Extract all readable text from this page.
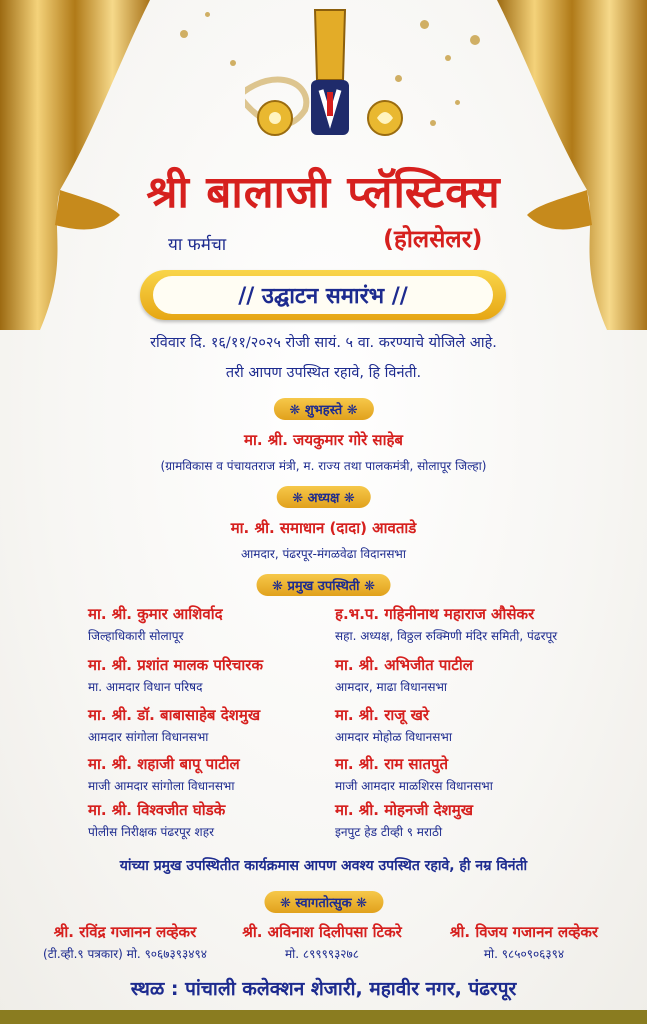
श्री बालाजी प्लॅस्टिक्स
या फर्मचा	(होलसेलर)
// उद्घाटन समारंभ //
रविवार दि. १६/११/२०२५ रोजी सायं. ५ वा. करण्याचे योजिले आहे.
तरी आपण उपस्थित रहावे, हि विनंती.
❋ शुभहस्ते ❋
मा. श्री. जयकुमार गोरे साहेब
(ग्रामविकास व पंचायतराज मंत्री, म. राज्य तथा पालकमंत्री, सोलापूर जिल्हा)
❋ अध्यक्ष ❋
मा. श्री. समाधान (दादा) आवताडे
आमदार, पंढरपूर-मंगळवेढा विदानसभा
❋ प्रमुख उपस्थिती ❋
मा. श्री. कुमार आशिर्वाद
जिल्हाधिकारी सोलापूर
मा. श्री. प्रशांत मालक परिचारक
मा. आमदार विधान परिषद
मा. श्री. डॉ. बाबासाहेब देशमुख
आमदार सांगोला विधानसभा
मा. श्री. शहाजी बापू पाटील
माजी आमदार सांगोला विधानसभा
मा. श्री. विश्वजीत घोडके
पोलीस निरीक्षक पंढरपूर शहर
ह.भ.प. गहिनीनाथ महाराज औसेकर
सहा. अध्यक्ष, विठ्ठल रुक्मिणी मंदिर समिती, पंढरपूर
मा. श्री. अभिजीत पाटील
आमदार, माढा विधानसभा
मा. श्री. राजू खरे
आमदार मोहोळ विधानसभा
मा. श्री. राम सातपुते
माजी आमदार माळशिरस विधानसभा
मा. श्री. मोहनजी देशमुख
इनपुट हेड टीव्ही ९ मराठी
यांच्या प्रमुख उपस्थितीत कार्यक्रमास आपण अवश्य उपस्थित रहावे, ही नम्र विनंती
❋ स्वागतोत्सुक ❋
श्री. रविंद्र गजानन लव्हेकर
(टी.व्ही.९ पत्रकार) मो. ९०६७३९३४९४
श्री. अविनाश दिलीपसा टिकरे
मो. ८९९९९३२७८
श्री. विजय गजानन लव्हेकर
मो. ९८५०९०६३९४
स्थळ : पांचाली कलेक्शन शेजारी, महावीर नगर, पंढरपूर
